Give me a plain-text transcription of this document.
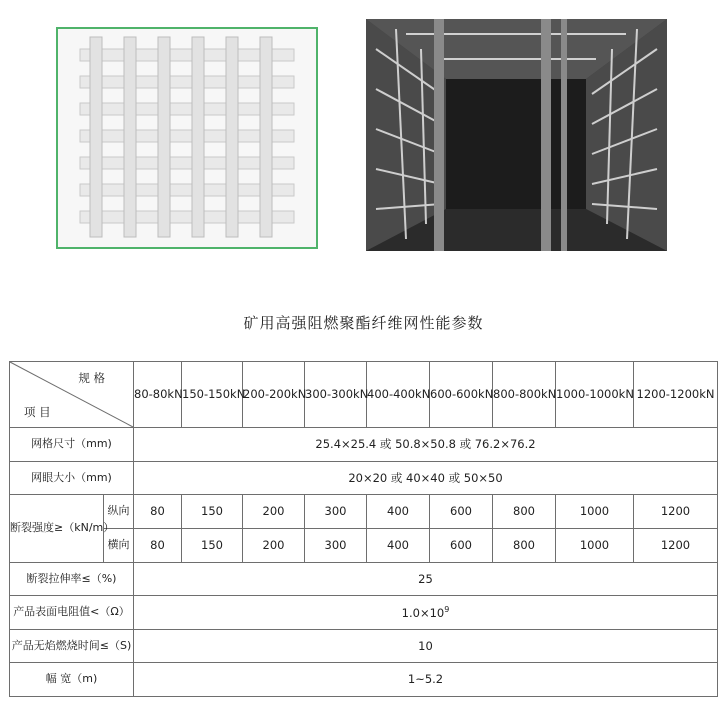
矿用高强阻燃聚酯纤维网性能参数
规 格
项 目		80-80kN	150-150kN	200-200kN	300-300kN	400-400kN	600-600kN	800-800kN	1000-1000kN	1200-1200kN
网格尺寸（mm)		25.4×25.4 或 50.8×50.8 或 76.2×76.2								
网眼大小（mm)		20×20 或 40×40 或 50×50								
断裂强度≥（kN/m）	纵向	80	150	200	300	400	600	800	1000	1200
	横向	80	150	200	300	400	600	800	1000	1200
断裂拉伸率≤（%)		25								
产品表面电阻值<（Ω）		$1.0\times 10^9$
产品无焰燃烧时间≤（S)		10								
幅 宽（m)		1~5.2								
